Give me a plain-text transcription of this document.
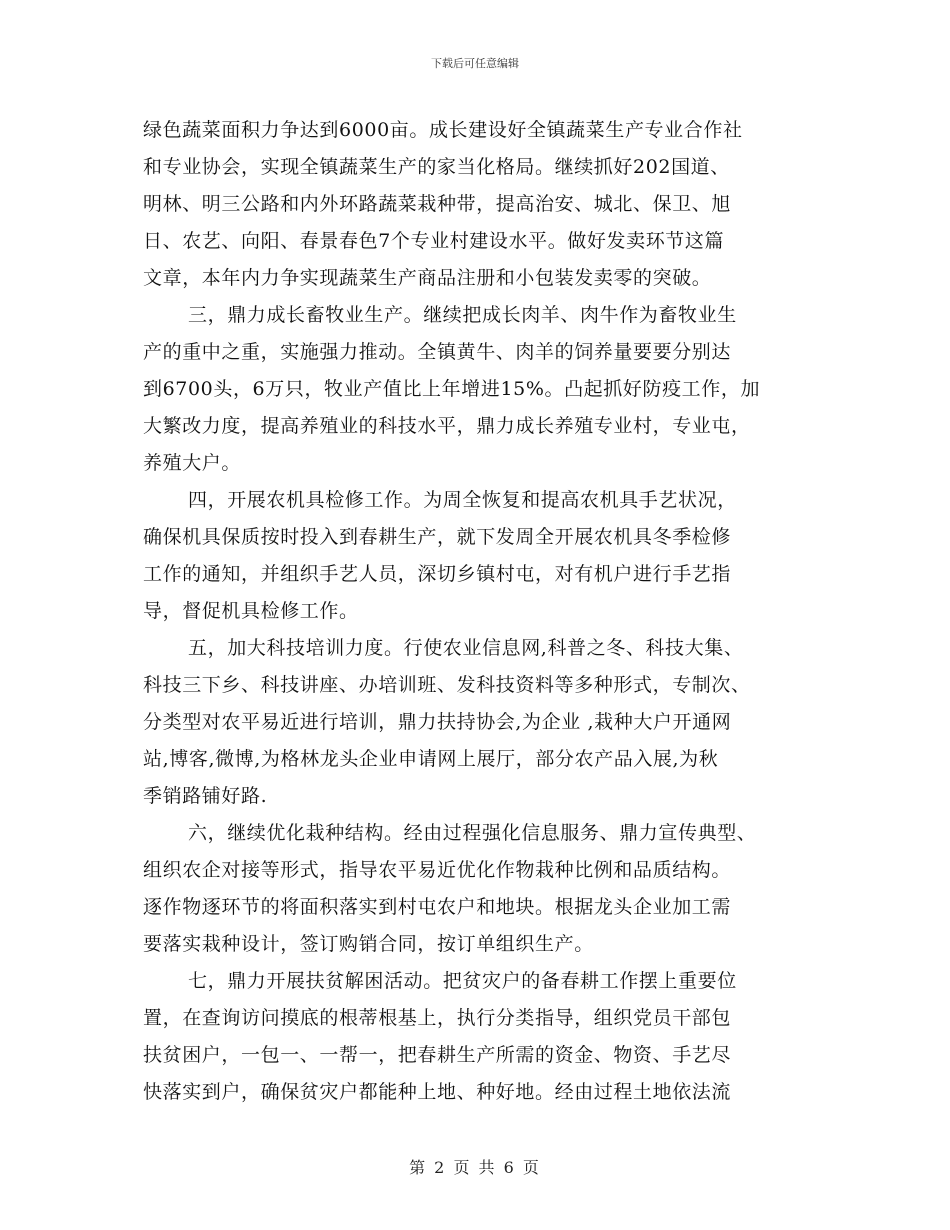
下载后可任意编辑
绿色蔬菜面积力争达到6000亩。成长建设好全镇蔬菜生产专业合作社
和专业协会，实现全镇蔬菜生产的家当化格局。继续抓好202国道、
明林、明三公路和内外环路蔬菜栽种带，提高治安、城北、保卫、旭
日、农艺、向阳、春景春色7个专业村建设水平。做好发卖环节这篇
文章，本年内力争实现蔬菜生产商品注册和小包装发卖零的突破。
三，鼎力成长畜牧业生产。继续把成长肉羊、肉牛作为畜牧业生
产的重中之重，实施强力推动。全镇黄牛、肉羊的饲养量要要分别达
到6700头，6万只，牧业产值比上年增进15%。凸起抓好防疫工作，加
大繁改力度，提高养殖业的科技水平，鼎力成长养殖专业村，专业屯，
养殖大户。
四，开展农机具检修工作。为周全恢复和提高农机具手艺状况，
确保机具保质按时投入到春耕生产，就下发周全开展农机具冬季检修
工作的通知，并组织手艺人员，深切乡镇村屯，对有机户进行手艺指
导，督促机具检修工作。
五，加大科技培训力度。行使农业信息网,科普之冬、科技大集、
科技三下乡、科技讲座、办培训班、发科技资料等多种形式，专制次、
分类型对农平易近进行培训，鼎力扶持协会,为企业 ,栽种大户开通网
站,博客,微博,为格林龙头企业申请网上展厅，部分农产品入展,为秋
季销路铺好路.
六，继续优化栽种结构。经由过程强化信息服务、鼎力宣传典型、
组织农企对接等形式，指导农平易近优化作物栽种比例和品质结构。
逐作物逐环节的将面积落实到村屯农户和地块。根据龙头企业加工需
要落实栽种设计，签订购销合同，按订单组织生产。
七，鼎力开展扶贫解困活动。把贫灾户的备春耕工作摆上重要位
置，在查询访问摸底的根蒂根基上，执行分类指导，组织党员干部包
扶贫困户，一包一、一帮一，把春耕生产所需的资金、物资、手艺尽
快落实到户，确保贫灾户都能种上地、种好地。经由过程土地依法流
第 2 页 共 6 页
